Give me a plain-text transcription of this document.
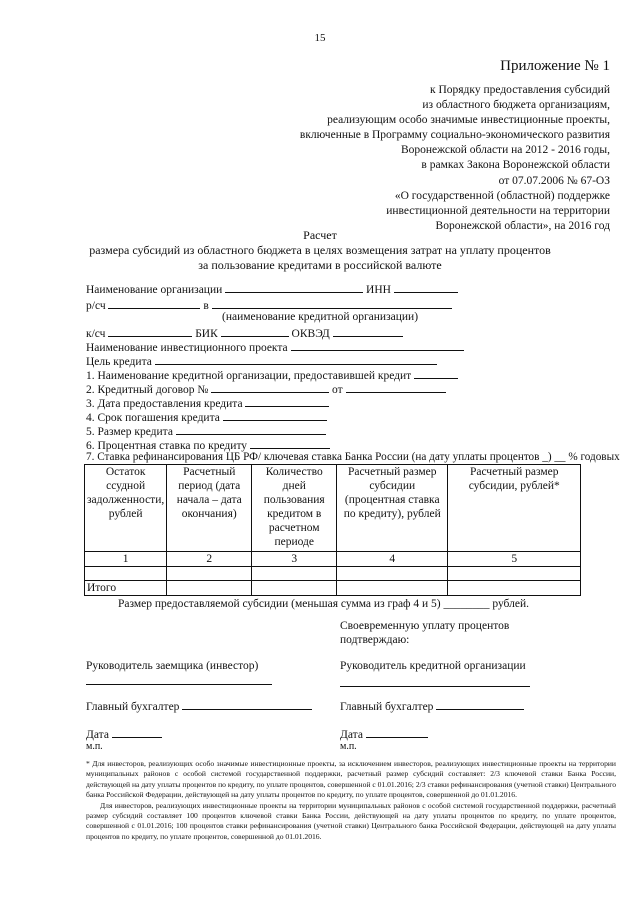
15
Приложение № 1
к Порядку предоставления субсидий
из областного бюджета организациям,
реализующим особо значимые инвестиционные проекты,
включенные в Программу социально-экономического развития
Воронежской области на 2012 - 2016 годы,
в рамках Закона Воронежской области
от 07.07.2006 № 67-ОЗ
«О государственной (областной) поддержке
инвестиционной деятельности на территории
Воронежской области», на 2016 год
Расчет
размера субсидий из областного бюджета в целях возмещения затрат на уплату процентов
за пользование кредитами в российской валюте
Наименование организации	ИНН
р/сч	в
(наименование кредитной организации)
к/сч	БИК	ОКВЭД
Наименование инвестиционного проекта
Цель кредита
1. Наименование кредитной организации, предоставившей кредит
2. Кредитный договор №	от
3. Дата предоставления кредита
4. Срок погашения кредита
5. Размер кредита
6. Процентная ставка по кредиту
7. Ставка рефинансирования ЦБ РФ/ ключевая ставка Банка России (на дату уплаты процентов _) __ % годовых
Остаток ссудной задолженности, рублей	Расчетный период (дата начала – дата окончания)	Количество дней пользования кредитом в расчетном периоде	Расчетный размер субсидии (процентная ставка по кредиту), рублей	Расчетный размер субсидии, рублей*
1	2	3	4	5

Итого				
Размер предоставляемой субсидии (меньшая сумма из граф 4 и 5) ________ рублей.
Своевременную уплату процентов
подтверждаю:
Руководитель заемщика (инвестор)	Руководитель кредитной организации
Главный бухгалтер	Главный бухгалтер
Дата	Дата
м.п.	м.п.

* Для инвесторов, реализующих особо значимые инвестиционные проекты, за исключением инвесторов, реализующих инвестиционные проекты на территории муниципальных районов с особой системой государственной поддержки, расчетный размер субсидий составляет: 2/3 ключевой ставки Банка России, действующей на дату уплаты процентов по кредиту, по уплате процентов, совершенной с 01.01.2016; 2/3 ставки рефинансирования (учетной ставки) Центрального банка Российской Федерации, действующей на дату уплаты процентов по кредиту, по уплате процентов, совершенной до 01.01.2016.

Для инвесторов, реализующих инвестиционные проекты на территории муниципальных районов с особой системой государственной поддержки, расчетный размер субсидий составляет 100 процентов ключевой ставки Банка России, действующей на дату уплаты процентов по кредиту, по уплате процентов, совершенной с 01.01.2016; 100 процентов ставки рефинансирования (учетной ставки) Центрального банка Российской Федерации, действующей на дату уплаты процентов по кредиту, по уплате процентов, совершенной до 01.01.2016.
